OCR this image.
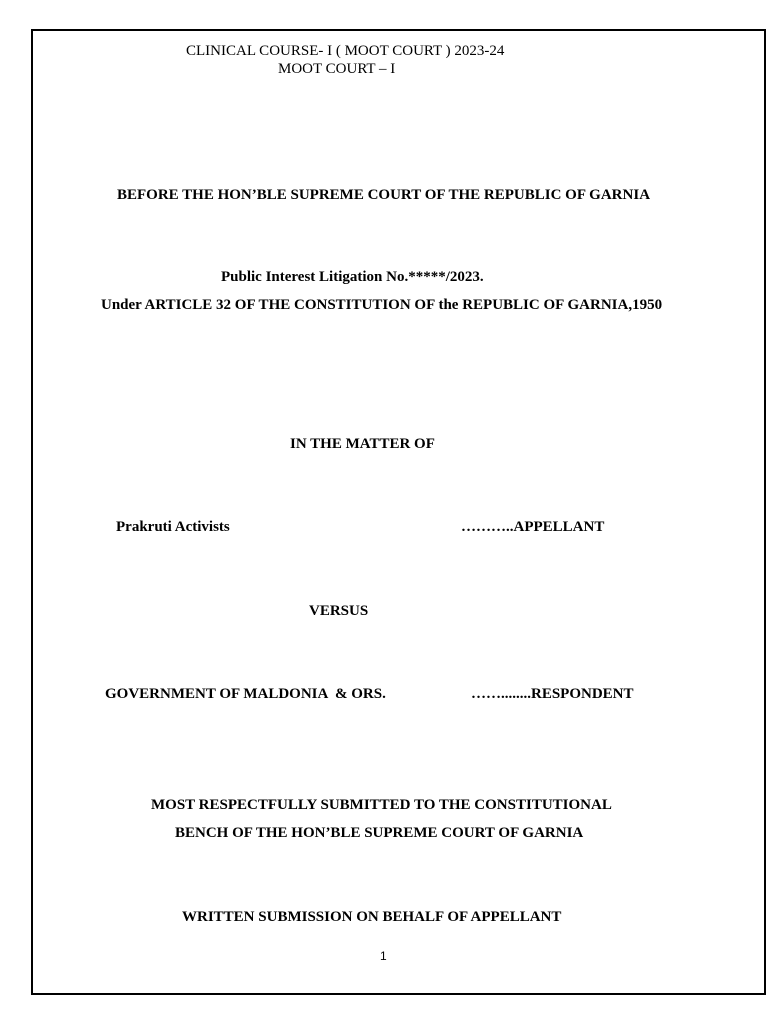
CLINICAL COURSE- I ( MOOT COURT ) 2023-24
MOOT COURT – I
BEFORE THE HON’BLE SUPREME COURT OF THE REPUBLIC OF GARNIA
Public Interest Litigation No.*****/2023.
Under ARTICLE 32 OF THE CONSTITUTION OF the REPUBLIC OF GARNIA,1950
IN THE MATTER OF
Prakruti Activists	………..APPELLANT
VERSUS
GOVERNMENT OF MALDONIA  & ORS.	……........RESPONDENT
MOST RESPECTFULLY SUBMITTED TO THE CONSTITUTIONAL
BENCH OF THE HON’BLE SUPREME COURT OF GARNIA
WRITTEN SUBMISSION ON BEHALF OF APPELLANT
1
